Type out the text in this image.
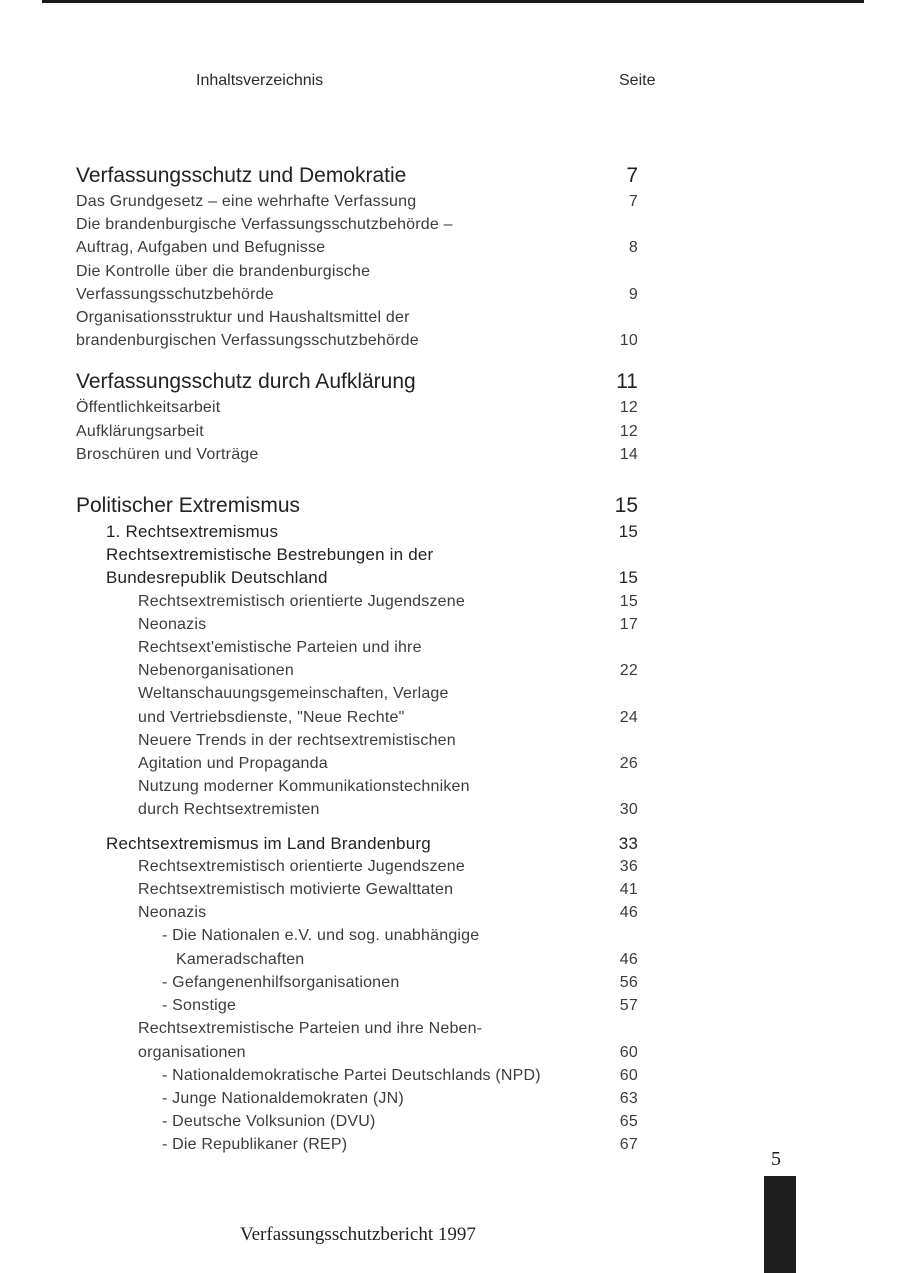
Inhaltsverzeichnis	Seite
Verfassungsschutz und Demokratie	7
Das Grundgesetz – eine wehrhafte Verfassung	7
Die brandenburgische Verfassungsschutzbehörde –
Auftrag, Aufgaben und Befugnisse	8
Die Kontrolle über die brandenburgische
Verfassungsschutzbehörde	9
Organisationsstruktur und Haushaltsmittel der
brandenburgischen Verfassungsschutzbehörde	10
Verfassungsschutz durch Aufklärung	11
Öffentlichkeitsarbeit	12
Aufklärungsarbeit	12
Broschüren und Vorträge	14
Politischer Extremismus	15
1. Rechtsextremismus	15
Rechtsextremistische Bestrebungen in der
Bundesrepublik Deutschland	15
Rechtsextremistisch orientierte Jugendszene	15
Neonazis	17
Rechtsext'emistische Parteien und ihre
Nebenorganisationen	22
Weltanschauungsgemeinschaften, Verlage
und Vertriebsdienste, "Neue Rechte"	24
Neuere Trends in der rechtsextremistischen
Agitation und Propaganda	26
Nutzung moderner Kommunikationstechniken
durch Rechtsextremisten	30
Rechtsextremismus im Land Brandenburg	33
Rechtsextremistisch orientierte Jugendszene	36
Rechtsextremistisch motivierte Gewalttaten	41
Neonazis	46
- Die Nationalen e.V. und sog. unabhängige
Kameradschaften	46
- Gefangenenhilfsorganisationen	56
- Sonstige	57
Rechtsextremistische Parteien und ihre Neben-
organisationen	60
- Nationaldemokratische Partei Deutschlands (NPD)	60
- Junge Nationaldemokraten (JN)	63
- Deutsche Volksunion (DVU)	65
- Die Republikaner (REP)	67
5
Verfassungsschutzbericht 1997
